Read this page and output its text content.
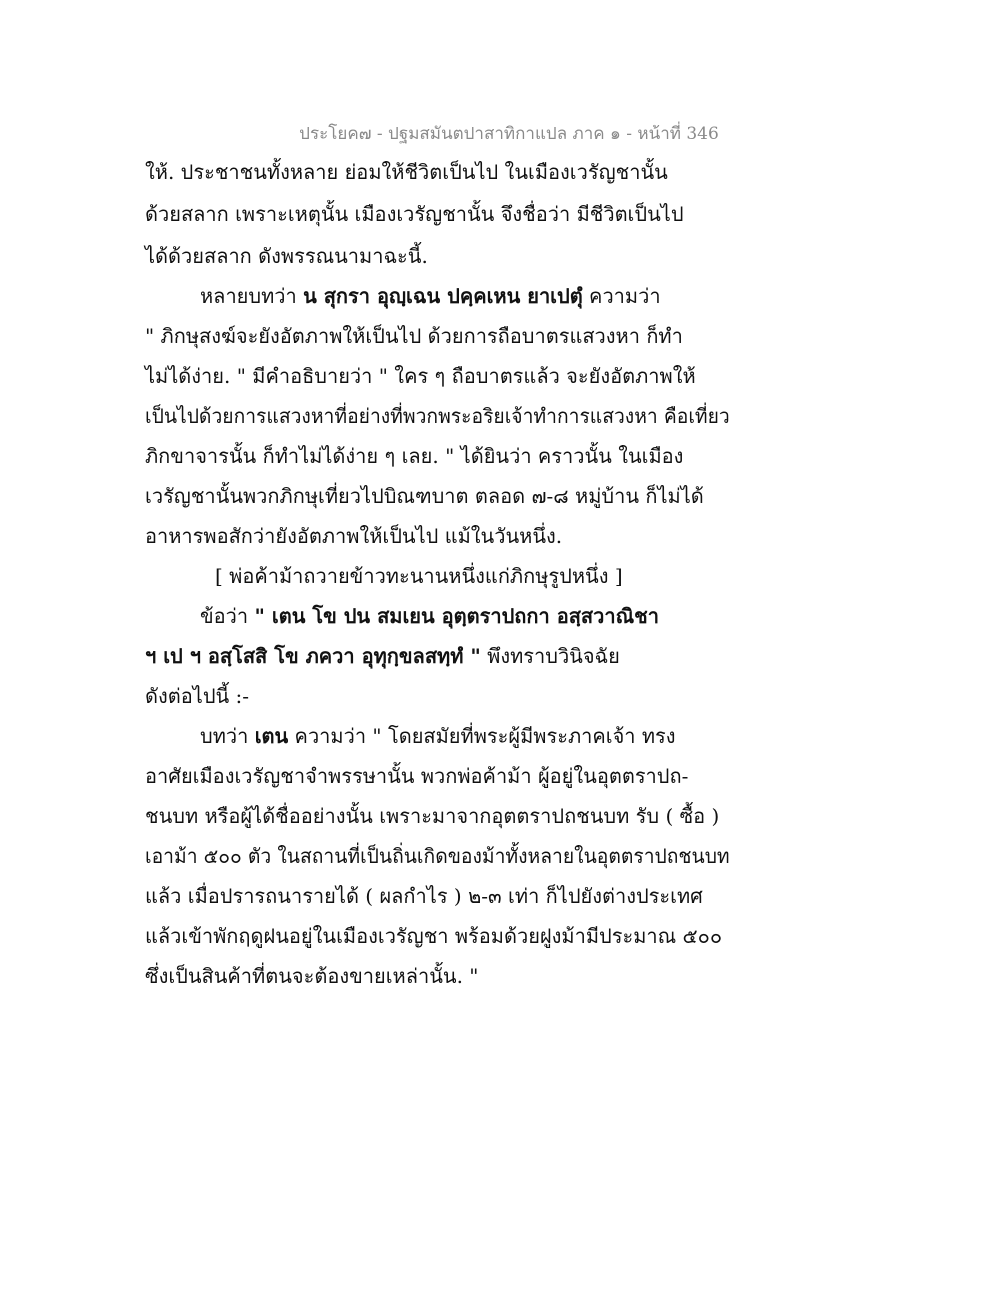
ประโยค๗ - ปฐมสมันตปาสาทิกาแปล ภาค ๑ - หน้าที่ 346
ให้. ประชาชนทั้งหลาย ย่อมให้ชีวิตเป็นไป ในเมืองเวรัญชานั้น
ด้วยสลาก เพราะเหตุนั้น เมืองเวรัญชานั้น จึงชื่อว่า มีชีวิตเป็นไป
ได้ด้วยสลาก ดังพรรณนามาฉะนี้.
หลายบทว่า น สุกรา อุญฺเฉน ปคฺคเหน ยาเปตุํ ความว่า
" ภิกษุสงฆ์จะยังอัตภาพให้เป็นไป ด้วยการถือบาตรแสวงหา ก็ทำ
ไม่ได้ง่าย. " มีคำอธิบายว่า " ใคร ๆ ถือบาตรแล้ว จะยังอัตภาพให้
เป็นไปด้วยการแสวงหาที่อย่างที่พวกพระอริยเจ้าทำการแสวงหา คือเที่ยว
ภิกขาจารนั้น ก็ทำไม่ได้ง่าย ๆ เลย. " ได้ยินว่า คราวนั้น ในเมือง
เวรัญชานั้นพวกภิกษุเที่ยวไปบิณฑบาต ตลอด ๗-๘ หมู่บ้าน ก็ไม่ได้
อาหารพอสักว่ายังอัตภาพให้เป็นไป แม้ในวันหนึ่ง.
[ พ่อค้าม้าถวายข้าวทะนานหนึ่งแก่ภิกษุรูปหนึ่ง ]
ข้อว่า " เตน โข ปน สมเยน อุตฺตราปถกา อสฺสวาณิชา
ฯ เป ฯ อสฺโสสิ โข ภควา อุทุกฺขลสทฺทํ " พึงทราบวินิจฉัย
ดังต่อไปนี้ :-
บทว่า เตน ความว่า " โดยสมัยที่พระผู้มีพระภาคเจ้า ทรง
อาศัยเมืองเวรัญชาจำพรรษานั้น พวกพ่อค้าม้า ผู้อยู่ในอุตตราปถ-
ชนบท หรือผู้ได้ชื่ออย่างนั้น เพราะมาจากอุตตราปถชนบท รับ ( ซื้อ )
เอาม้า ๕๐๐ ตัว ในสถานที่เป็นถิ่นเกิดของม้าทั้งหลายในอุตตราปถชนบท
แล้ว เมื่อปรารถนารายได้ ( ผลกำไร ) ๒-๓ เท่า ก็ไปยังต่างประเทศ
แล้วเข้าพักฤดูฝนอยู่ในเมืองเวรัญชา พร้อมด้วยฝูงม้ามีประมาณ ๕๐๐
ซึ่งเป็นสินค้าที่ตนจะต้องขายเหล่านั้น. "
